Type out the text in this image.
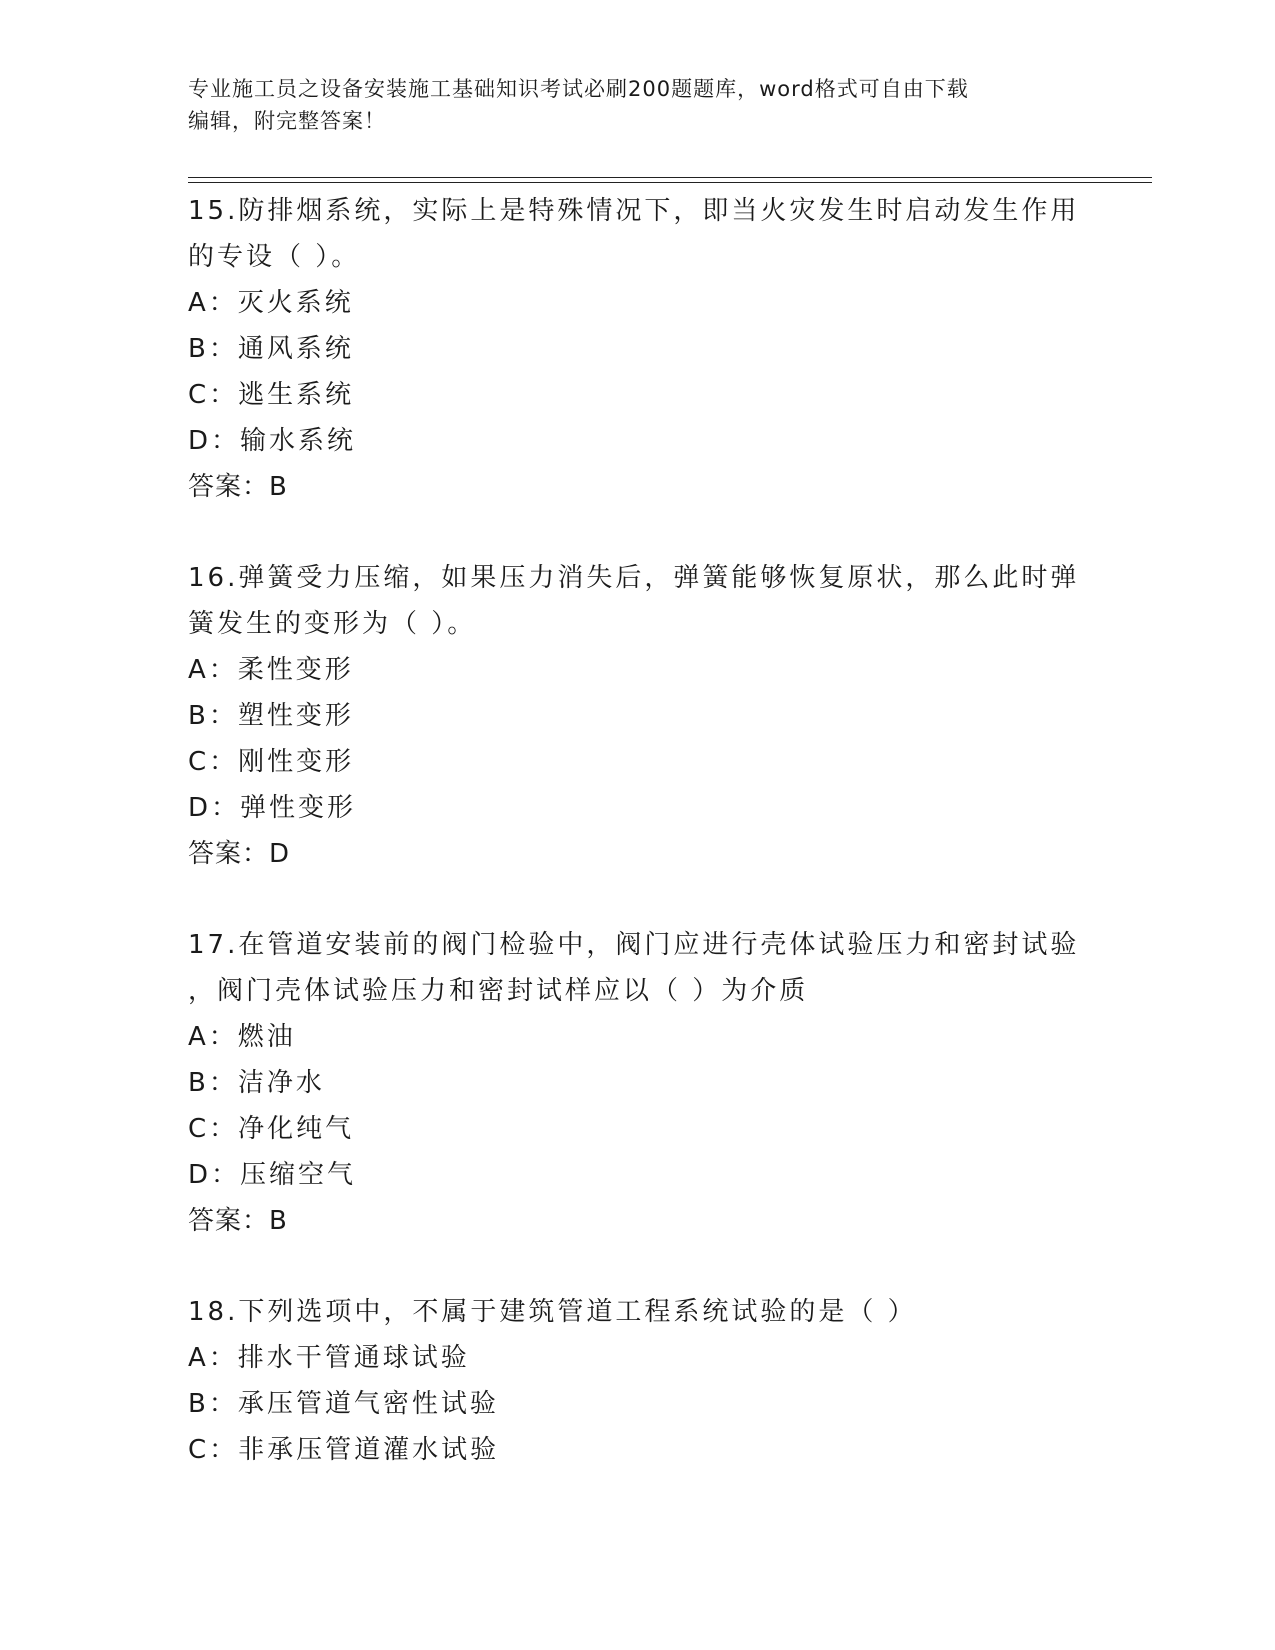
专业施工员之设备安装施工基础知识考试必刷200题题库，word格式可自由下载
编辑，附完整答案！
15.防排烟系统，实际上是特殊情况下，即当火灾发生时启动发生作用
的专设（ ）。
A：灭火系统
B：通风系统
C：逃生系统
D：输水系统
答案：B
16.弹簧受力压缩，如果压力消失后，弹簧能够恢复原状，那么此时弹
簧发生的变形为（ ）。
A：柔性变形
B：塑性变形
C：刚性变形
D：弹性变形
答案：D
17.在管道安装前的阀门检验中，阀门应进行壳体试验压力和密封试验
，阀门壳体试验压力和密封试样应以（ ）为介质
A：燃油
B：洁净水
C：净化纯气
D：压缩空气
答案：B
18.下列选项中，不属于建筑管道工程系统试验的是（ ）
A：排水干管通球试验
B：承压管道气密性试验
C：非承压管道灌水试验
